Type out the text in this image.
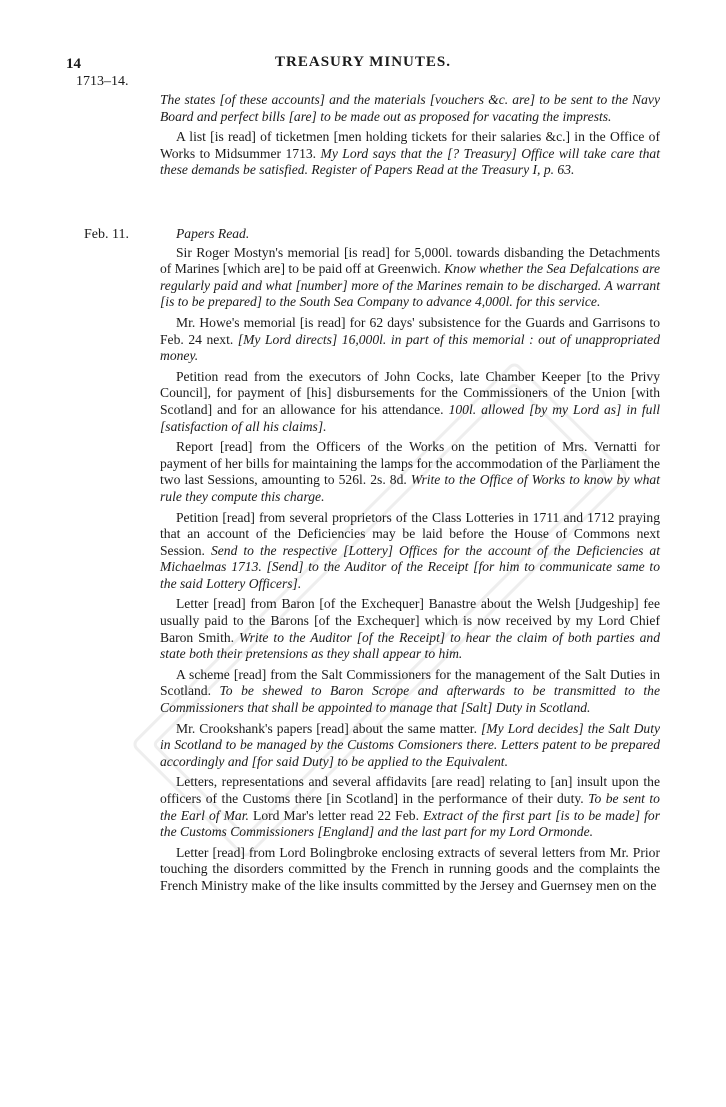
14	TREASURY MINUTES.
1713–14.
Feb. 11.

The states [of these accounts] and the materials [vouchers &c. are] to be sent to the Navy Board and perfect bills [are] to be made out as proposed for vacating the imprests.

A list [is read] of ticketmen [men holding tickets for their salaries &c.] in the Office of Works to Midsummer 1713. My Lord says that the [? Treasury] Office will take care that these demands be satisfied. Register of Papers Read at the Treasury I, p. 63.

Papers Read.

Sir Roger Mostyn's memorial [is read] for 5,000l. towards disbanding the Detachments of Marines [which are] to be paid off at Greenwich. Know whether the Sea Defalcations are regularly paid and what [number] more of the Marines remain to be discharged. A warrant [is to be prepared] to the South Sea Company to advance 4,000l. for this service.

Mr. Howe's memorial [is read] for 62 days' subsistence for the Guards and Garrisons to Feb. 24 next. [My Lord directs] 16,000l. in part of this memorial : out of unappropriated money.

Petition read from the executors of John Cocks, late Chamber Keeper [to the Privy Council], for payment of [his] disbursements for the Commissioners of the Union [with Scotland] and for an allowance for his attendance. 100l. allowed [by my Lord as] in full [satisfaction of all his claims].

Report [read] from the Officers of the Works on the petition of Mrs. Vernatti for payment of her bills for maintaining the lamps for the accommodation of the Parliament the two last Sessions, amounting to 526l. 2s. 8d. Write to the Office of Works to know by what rule they compute this charge.

Petition [read] from several proprietors of the Class Lotteries in 1711 and 1712 praying that an account of the Deficiencies may be laid before the House of Commons next Session. Send to the respective [Lottery] Offices for the account of the Deficiencies at Michaelmas 1713. [Send] to the Auditor of the Receipt [for him to communicate same to the said Lottery Officers].

Letter [read] from Baron [of the Exchequer] Banastre about the Welsh [Judgeship] fee usually paid to the Barons [of the Exchequer] which is now received by my Lord Chief Baron Smith. Write to the Auditor [of the Receipt] to hear the claim of both parties and state both their pretensions as they shall appear to him.

A scheme [read] from the Salt Commissioners for the management of the Salt Duties in Scotland. To be shewed to Baron Scrope and afterwards to be transmitted to the Commissioners that shall be appointed to manage that [Salt] Duty in Scotland.

Mr. Crookshank's papers [read] about the same matter. [My Lord decides] the Salt Duty in Scotland to be managed by the Customs Comsioners there. Letters patent to be prepared accordingly and [for said Duty] to be applied to the Equivalent.

Letters, representations and several affidavits [are read] relating to [an] insult upon the officers of the Customs there [in Scotland] in the performance of their duty. To be sent to the Earl of Mar. Lord Mar's letter read 22 Feb. Extract of the first part [is to be made] for the Customs Commissioners [England] and the last part for my Lord Ormonde.

Letter [read] from Lord Bolingbroke enclosing extracts of several letters from Mr. Prior touching the disorders committed by the French in running goods and the complaints the French Ministry make of the like insults committed by the Jersey and Guernsey men on the
